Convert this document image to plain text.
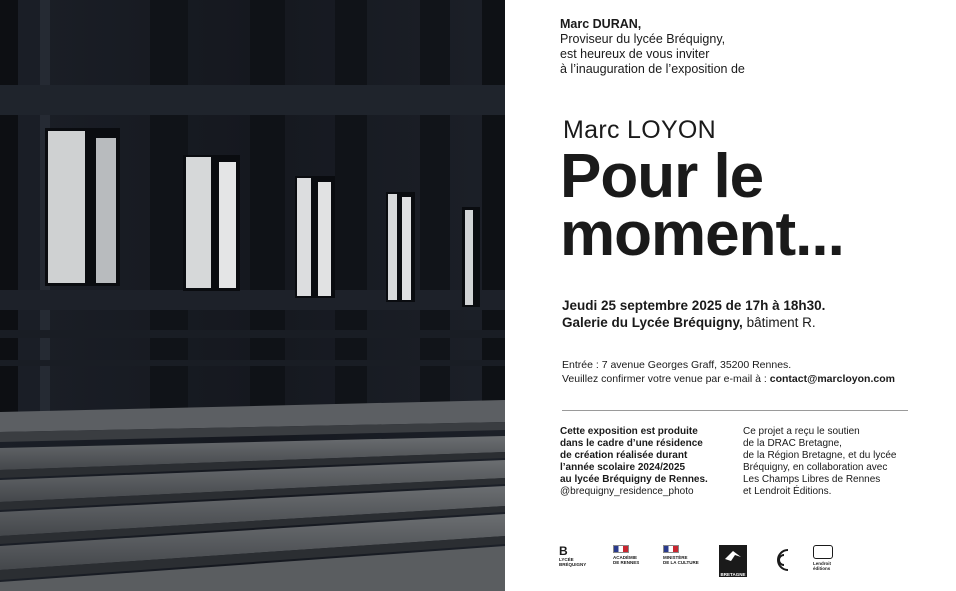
Marc DURAN,
Proviseur du lycée Bréquigny,
est heureux de vous inviter
à l’inauguration de l’exposition de
Marc LOYON
Pour le
moment...
Jeudi 25 septembre 2025 de 17h à 18h30.
Galerie du Lycée Bréquigny, bâtiment R.
Entrée : 7 avenue Georges Graff, 35200 Rennes.
Veuillez confirmer votre venue par e-mail à : contact@marcloyon.com
Cette exposition est produite
dans le cadre d’une résidence
de création réalisée durant
l’année scolaire 2024/2025
au lycée Bréquigny de Rennes.
@brequigny_residence_photo
Ce projet a reçu le soutien
de la DRAC Bretagne,
de la Région Bretagne, et du lycée
Bréquigny, en collaboration avec
Les Champs Libres de Rennes
et Lendroit Éditions.
B
LYCÉE
BRÉQUIGNY
ACADÉMIE
DE RENNES
MINISTÈRE
DE LA CULTURE
BRETAGNE
Lendroit
éditions
